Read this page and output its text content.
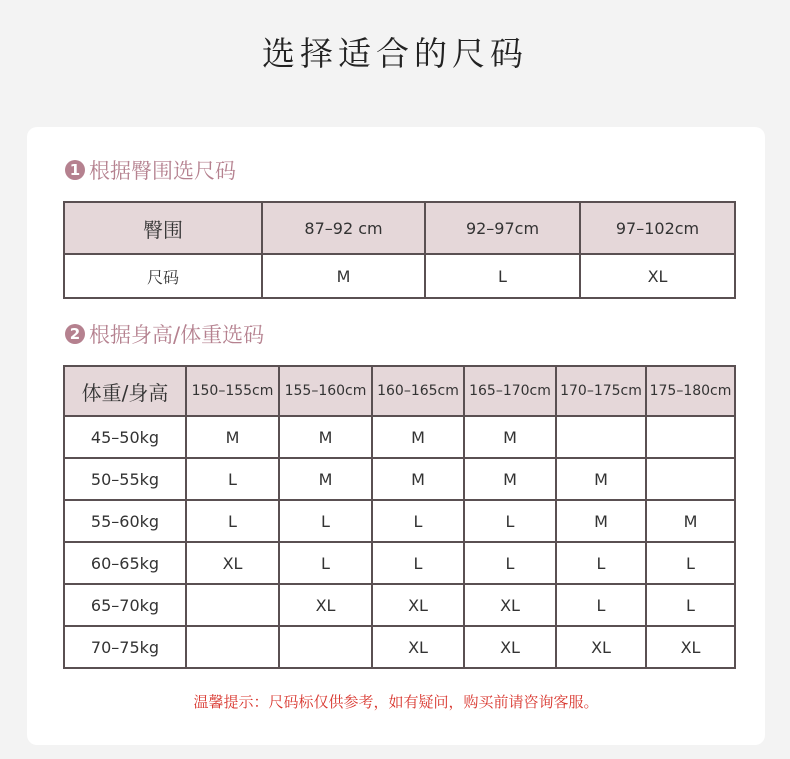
选择适合的尺码
1 根据臀围选尺码
臀围	87–92 cm	92–97cm	97–102cm
尺码	M	L	XL
2 根据身高/体重选码
体重/身高	150–155cm	155–160cm	160–165cm	165–170cm	170–175cm	175–180cm
45–50kg	M	M	M	M		
50–55kg	L	M	M	M	M	
55–60kg	L	L	L	L	M	M
60–65kg	XL	L	L	L	L	L
65–70kg		XL	XL	XL	L	L
70–75kg			XL	XL	XL	XL
温馨提示：尺码标仅供参考，如有疑问，购买前请咨询客服。
